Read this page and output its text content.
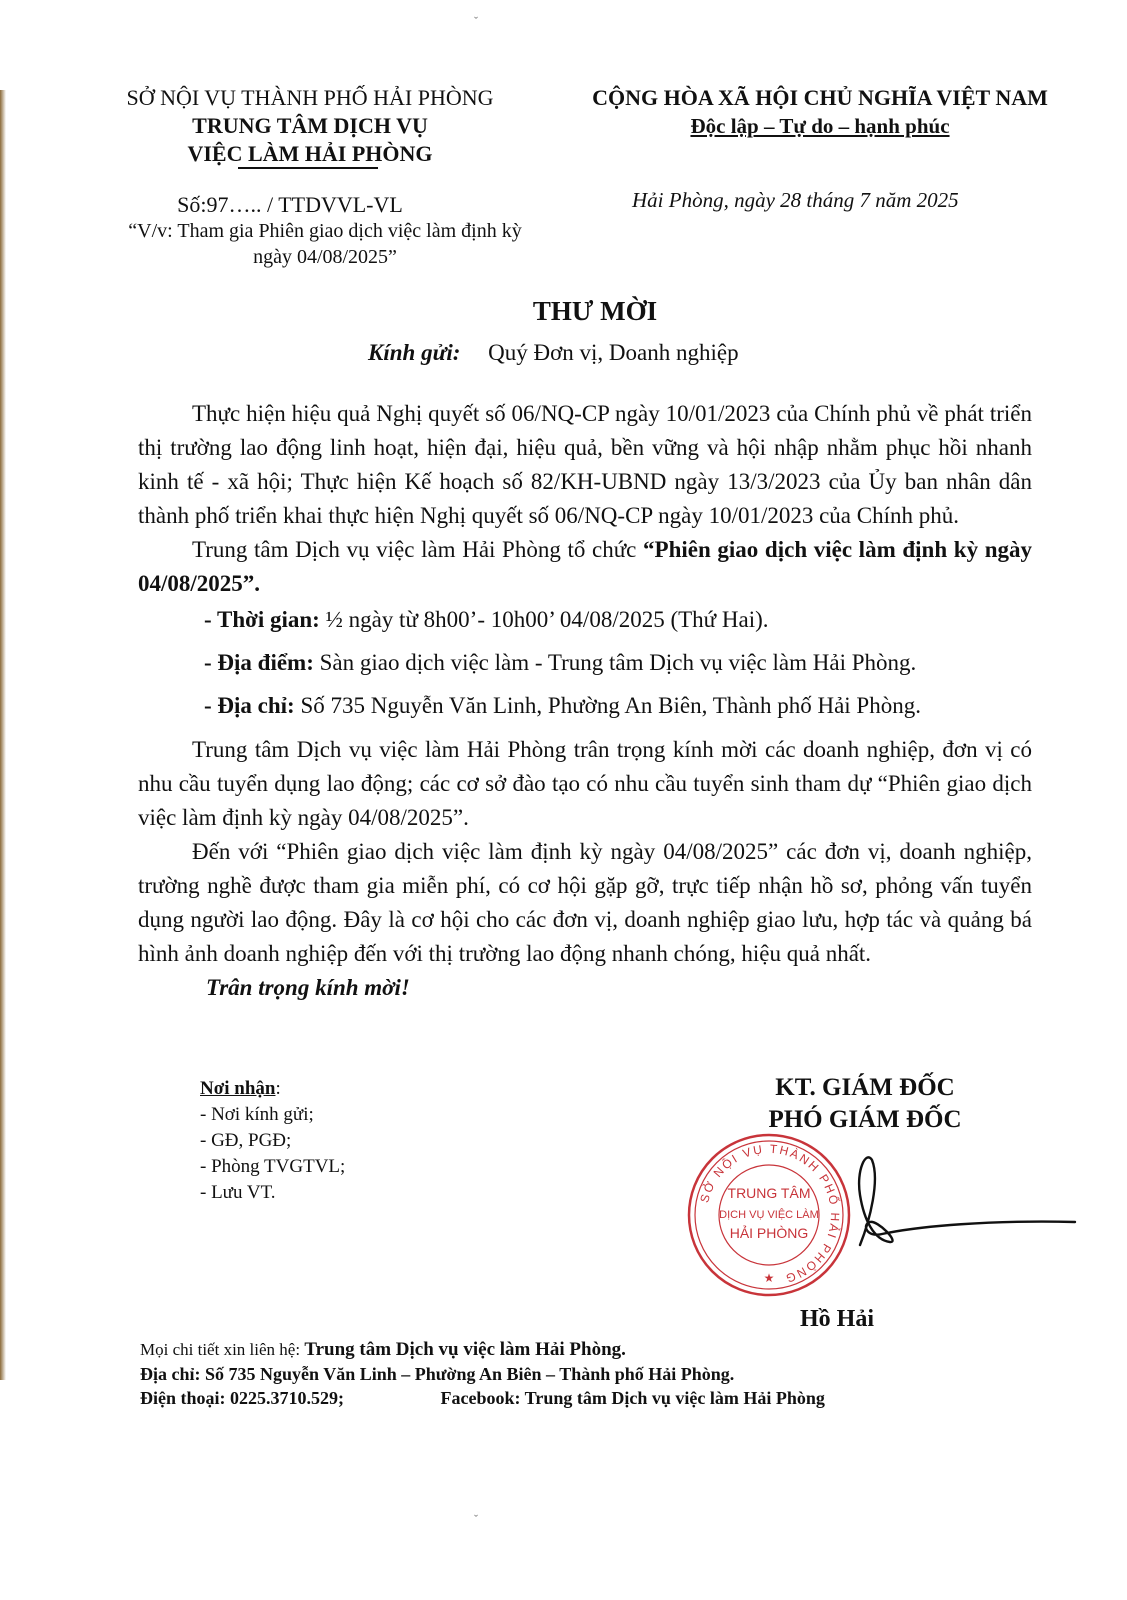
SỞ NỘI VỤ THÀNH PHỐ HẢI PHÒNG
TRUNG TÂM DỊCH VỤ
VIỆC LÀM HẢI PHÒNG
CỘNG HÒA XÃ HỘI CHỦ NGHĨA VIỆT NAM
Độc lập – Tự do – hạnh phúc
Số:97….. / TTDVVL-VL
“V/v: Tham gia Phiên giao dịch việc làm định kỳ
ngày 04/08/2025”
Hải Phòng, ngày 28 tháng 7 năm 2025
THƯ MỜI
Kính gửi: Quý Đơn vị, Doanh nghiệp
Thực hiện hiệu quả Nghị quyết số 06/NQ-CP ngày 10/01/2023 của Chính phủ về phát triển thị trường lao động linh hoạt, hiện đại, hiệu quả, bền vững và hội nhập nhằm phục hồi nhanh kinh tế - xã hội; Thực hiện Kế hoạch số 82/KH-UBND ngày 13/3/2023 của Ủy ban nhân dân thành phố triển khai thực hiện Nghị quyết số 06/NQ-CP ngày 10/01/2023 của Chính phủ.
Trung tâm Dịch vụ việc làm Hải Phòng tổ chức “Phiên giao dịch việc làm định kỳ ngày 04/08/2025”.
- Thời gian: ½ ngày từ 8h00’- 10h00’ 04/08/2025 (Thứ Hai).
- Địa điểm: Sàn giao dịch việc làm - Trung tâm Dịch vụ việc làm Hải Phòng.
- Địa chỉ: Số 735 Nguyễn Văn Linh, Phường An Biên, Thành phố Hải Phòng.
Trung tâm Dịch vụ việc làm Hải Phòng trân trọng kính mời các doanh nghiệp, đơn vị có nhu cầu tuyển dụng lao động; các cơ sở đào tạo có nhu cầu tuyển sinh tham dự “Phiên giao dịch việc làm định kỳ ngày 04/08/2025”.
Đến với “Phiên giao dịch việc làm định kỳ ngày 04/08/2025” các đơn vị, doanh nghiệp, trường nghề được tham gia miễn phí, có cơ hội gặp gỡ, trực tiếp nhận hồ sơ, phỏng vấn tuyển dụng người lao động. Đây là cơ hội cho các đơn vị, doanh nghiệp giao lưu, hợp tác và quảng bá hình ảnh doanh nghiệp đến với thị trường lao động nhanh chóng, hiệu quả nhất.
Trân trọng kính mời!
Nơi nhận:
- Nơi kính gửi;
- GĐ, PGĐ;
- Phòng TVGTVL;
- Lưu VT.
KT. GIÁM ĐỐC
PHÓ GIÁM ĐỐC
SỞ NỘI VỤ THÀNH PHỐ HẢI PHÒNG
★
TRUNG TÂM
DỊCH VỤ VIỆC LÀM
HẢI PHÒNG
Hồ Hải
Mọi chi tiết xin liên hệ: Trung tâm Dịch vụ việc làm Hải Phòng.
Địa chỉ: Số 735 Nguyễn Văn Linh – Phường An Biên – Thành phố Hải Phòng.
Điện thoại: 0225.3710.529;	Facebook: Trung tâm Dịch vụ việc làm Hải Phòng
ˇ
ˇ
